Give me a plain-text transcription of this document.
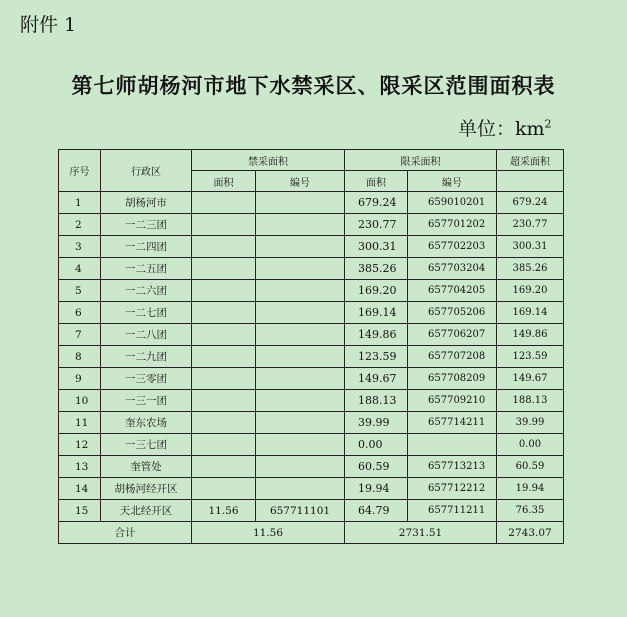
附件 1
第七师胡杨河市地下水禁采区、限采区范围面积表
单位：$km^2$
序号	行政区	禁采面积		限采面积		超采面积
		面积	编号	面积	编号	
1	胡杨河市			679.24	659010201	679.24
2	一二三团			230.77	657701202	230.77
3	一二四团			300.31	657702203	300.31
4	一二五团			385.26	657703204	385.26
5	一二六团			169.20	657704205	169.20
6	一二七团			169.14	657705206	169.14
7	一二八团			149.86	657706207	149.86
8	一二九团			123.59	657707208	123.59
9	一三零团			149.67	657708209	149.67
10	一三一团			188.13	657709210	188.13
11	奎东农场			39.99	657714211	39.99
12	一三七团			0.00		0.00
13	奎管处			60.59	657713213	60.59
14	胡杨河经开区			19.94	657712212	19.94
15	天北经开区	11.56	657711101	64.79	657711211	76.35
合计		11.56		2731.51		2743.07
